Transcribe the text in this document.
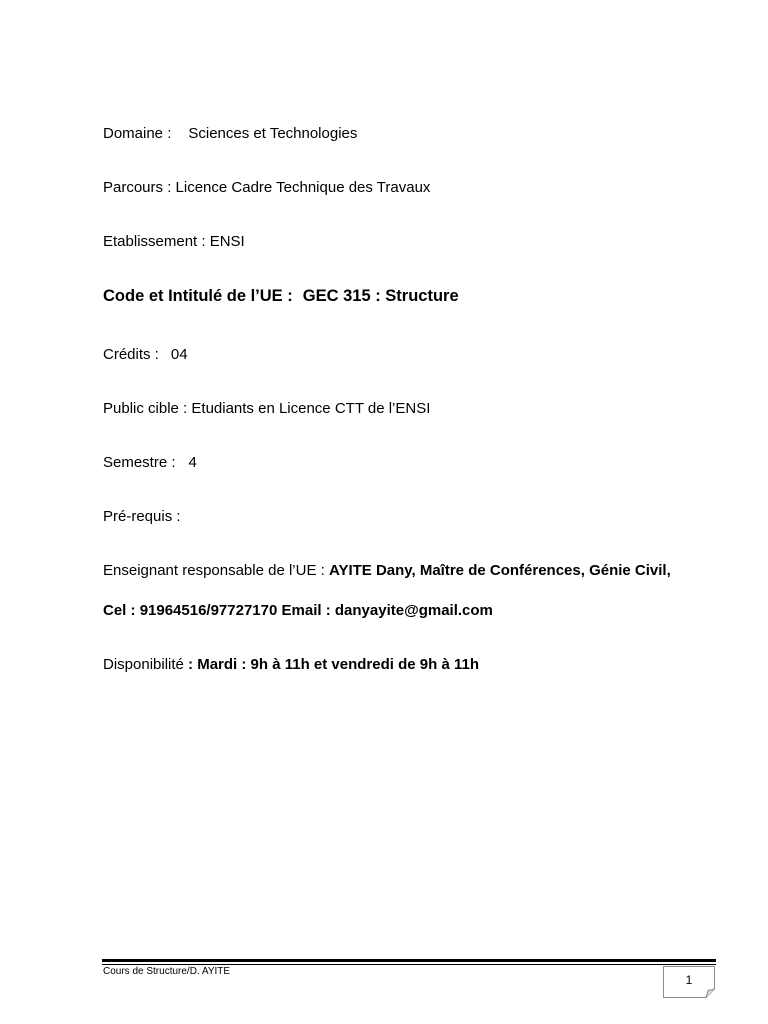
Domaine : Sciences et Technologies
Parcours : Licence Cadre Technique des Travaux
Etablissement : ENSI
Code et Intitulé de l’UE : GEC 315 : Structure
Crédits : 04
Public cible : Etudiants en Licence CTT de l’ENSI
Semestre : 4
Pré-requis :
Enseignant responsable de l’UE : AYITE Dany, Maître de Conférences, Génie Civil,
Cel : 91964516/97727170 Email : danyayite@gmail.com
Disponibilité : Mardi : 9h à 11h et vendredi de 9h à 11h
Cours de Structure/D. AYITE
1
